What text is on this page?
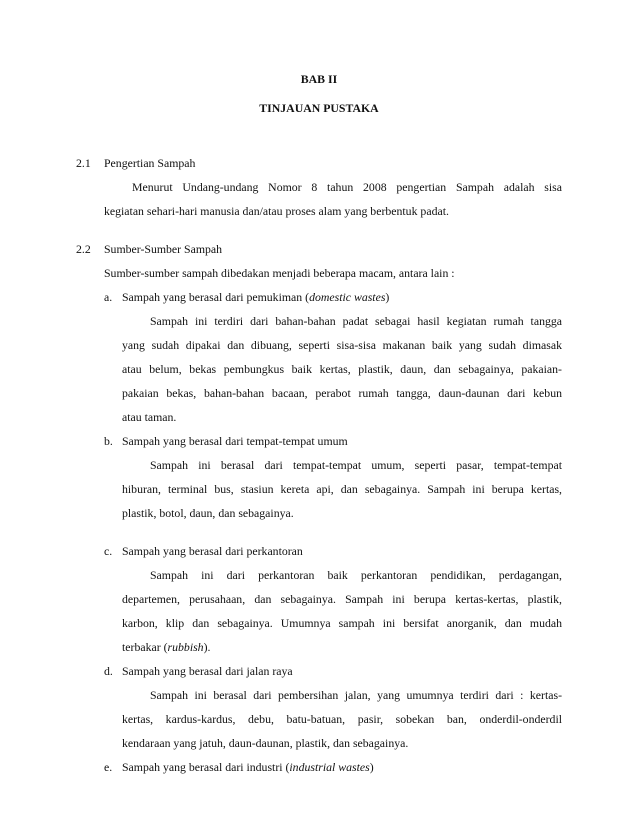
BAB II
TINJAUAN PUSTAKA
2.1 Pengertian Sampah
Menurut Undang-undang Nomor 8 tahun 2008 pengertian Sampah adalah sisa
kegiatan sehari-hari manusia dan/atau proses alam yang berbentuk padat.
2.2 Sumber-Sumber Sampah
Sumber-sumber sampah dibedakan menjadi beberapa macam, antara lain :
a. Sampah yang berasal dari pemukiman (domestic wastes)
Sampah ini terdiri dari bahan-bahan padat sebagai hasil kegiatan rumah tangga
yang sudah dipakai dan dibuang, seperti sisa-sisa makanan baik yang sudah dimasak
atau belum, bekas pembungkus baik kertas, plastik, daun, dan sebagainya, pakaian-
pakaian bekas, bahan-bahan bacaan, perabot rumah tangga, daun-daunan dari kebun
atau taman.
b. Sampah yang berasal dari tempat-tempat umum
Sampah ini berasal dari tempat-tempat umum, seperti pasar, tempat-tempat
hiburan, terminal bus, stasiun kereta api, dan sebagainya. Sampah ini berupa kertas,
plastik, botol, daun, dan sebagainya.
c. Sampah yang berasal dari perkantoran
Sampah ini dari perkantoran baik perkantoran pendidikan, perdagangan,
departemen, perusahaan, dan sebagainya. Sampah ini berupa kertas-kertas, plastik,
karbon, klip dan sebagainya. Umumnya sampah ini bersifat anorganik, dan mudah
terbakar (rubbish).
d. Sampah yang berasal dari jalan raya
Sampah ini berasal dari pembersihan jalan, yang umumnya terdiri dari : kertas-
kertas, kardus-kardus, debu, batu-batuan, pasir, sobekan ban, onderdil-onderdil
kendaraan yang jatuh, daun-daunan, plastik, dan sebagainya.
e. Sampah yang berasal dari industri (industrial wastes)
